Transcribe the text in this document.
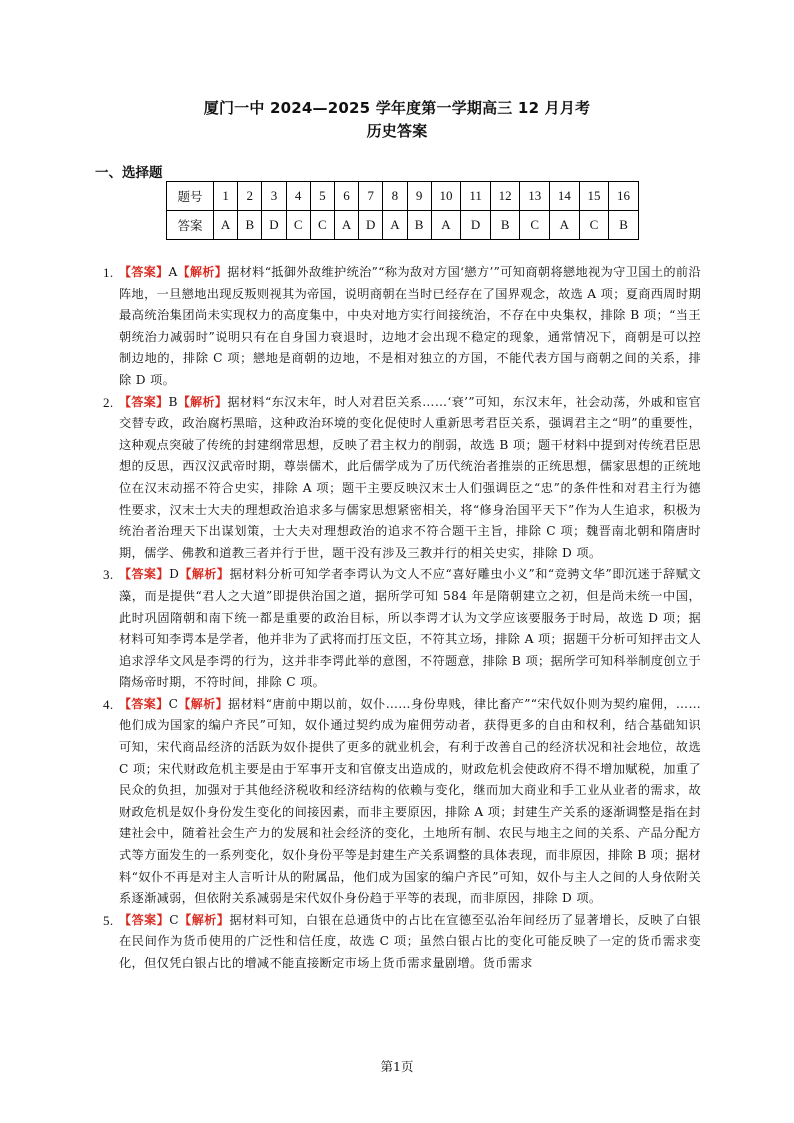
厦门一中 2024—2025 学年度第一学期高三 12 月月考
历史答案
一、选择题
题号	1	2	3	4	5	6	7	8	9	10	11	12	13	14	15	16
答案	A	B	D	C	C	A	D	A	B	A	D	B	C	A	C	B
1. 【答案】A【解析】据材料“抵御外敌维护统治”“称为敌对方国‘戀方’”可知商朝将戀地视为守卫国土的前沿阵地，一旦戀地出现反叛则视其为帝国，说明商朝在当时已经存在了国界观念，故选 A 项；夏商西周时期最高统治集团尚未实现权力的高度集中，中央对地方实行间接统治，不存在中央集权，排除 B 项；“当王朝统治力减弱时”说明只有在自身国力衰退时，边地才会出现不稳定的现象，通常情况下，商朝是可以控制边地的，排除 C 项；戀地是商朝的边地，不是相对独立的方国，不能代表方国与商朝之间的关系，排除 D 项。
2. 【答案】B【解析】据材料“东汉末年，时人对君臣关系……‘衰’”可知，东汉末年，社会动荡，外戚和宦官交替专政，政治腐朽黑暗，这种政治环境的变化促使时人重新思考君臣关系，强调君主之“明”的重要性，这种观点突破了传统的封建纲常思想，反映了君主权力的削弱，故选 B 项；题干材料中提到对传统君臣思想的反思，西汉汉武帝时期，尊崇儒术，此后儒学成为了历代统治者推崇的正统思想，儒家思想的正统地位在汉末动摇不符合史实，排除 A 项；题干主要反映汉末士人们强调臣之“忠”的条件性和对君主行为德性要求，汉末士大夫的理想政治追求多与儒家思想紧密相关，将“修身治国平天下”作为人生追求，积极为统治者治理天下出谋划策，士大夫对理想政治的追求不符合题干主旨，排除 C 项；魏晋南北朝和隋唐时期，儒学、佛教和道教三者并行于世，题干没有涉及三教并行的相关史实，排除 D 项。
3. 【答案】D【解析】据材料分析可知学者李谔认为文人不应“喜好雕虫小义”和“竞骋文华”即沉迷于辞赋文藻，而是提供“君人之大道”即提供治国之道，据所学可知 584 年是隋朝建立之初，但是尚未统一中国，此时巩固隋朝和南下统一都是重要的政治目标，所以李谔才认为文学应该要服务于时局，故选 D 项；据材料可知李谔本是学者，他并非为了武将而打压文臣，不符其立场，排除 A 项；据题干分析可知抨击文人追求浮华文风是李谔的行为，这并非李谔此举的意图，不符题意，排除 B 项；据所学可知科举制度创立于隋炀帝时期，不符时间，排除 C 项。
4. 【答案】C【解析】据材料“唐前中期以前，奴仆……身份卑贱，律比畜产”“宋代奴仆则为契约雇佣，……他们成为国家的编户齐民”可知，奴仆通过契约成为雇佣劳动者，获得更多的自由和权利，结合基础知识可知，宋代商品经济的活跃为奴仆提供了更多的就业机会，有利于改善自己的经济状况和社会地位，故选 C 项；宋代财政危机主要是由于军事开支和官僚支出造成的，财政危机会使政府不得不增加赋税，加重了民众的负担，加强对于其他经济税收和经济结构的依赖与变化，继而加大商业和手工业从业者的需求，故财政危机是奴仆身份发生变化的间接因素，而非主要原因，排除 A 项；封建生产关系的逐渐调整是指在封建社会中，随着社会生产力的发展和社会经济的变化，土地所有制、农民与地主之间的关系、产品分配方式等方面发生的一系列变化，奴仆身份平等是封建生产关系调整的具体表现，而非原因，排除 B 项；据材料“奴仆不再是对主人言听计从的附属品，他们成为国家的编户齐民”可知，奴仆与主人之间的人身依附关系逐渐减弱，但依附关系减弱是宋代奴仆身份趋于平等的表现，而非原因，排除 D 项。
5. 【答案】C【解析】据材料可知，白银在总通货中的占比在宣德至弘治年间经历了显著增长，反映了白银在民间作为货币使用的广泛性和信任度，故选 C 项；虽然白银占比的变化可能反映了一定的货币需求变化，但仅凭白银占比的增减不能直接断定市场上货币需求量剧增。货币需求
第1页
